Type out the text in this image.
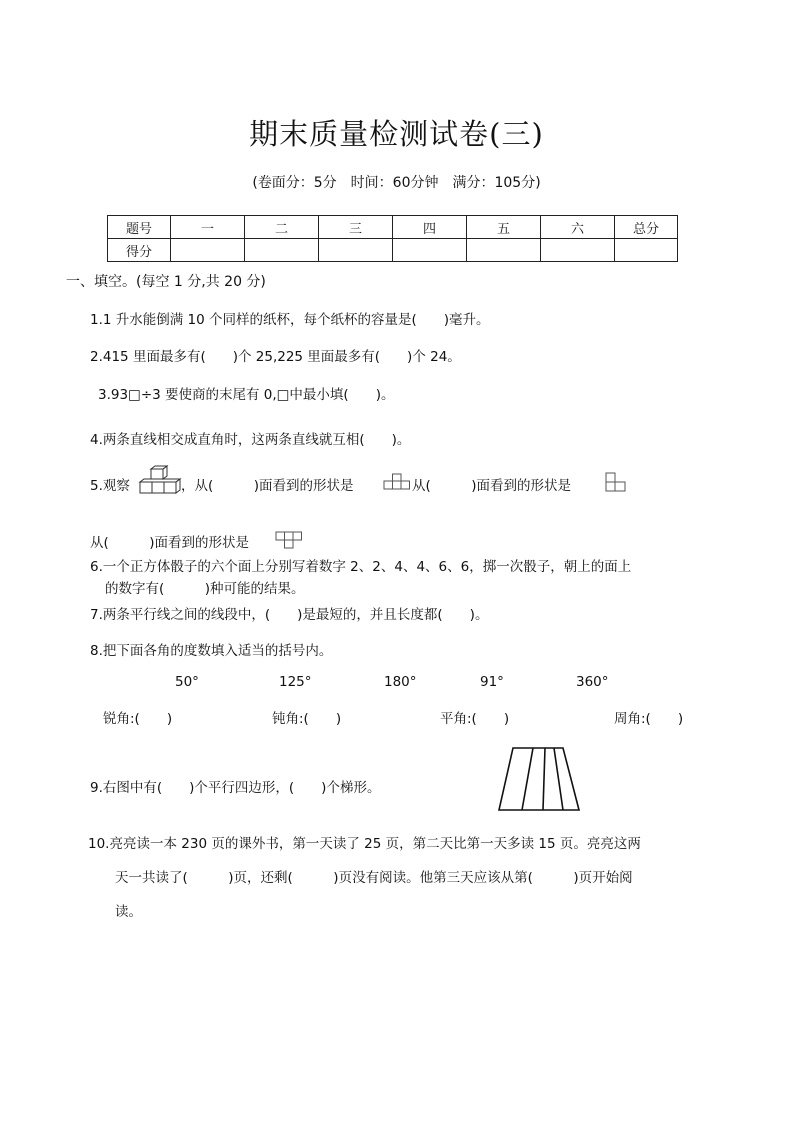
期末质量检测试卷(三)
(卷面分：5分　时间：60分钟　满分：105分)
题号	一	二	三	四	五	六	总分
得分							
一、填空。(每空 1 分,共 20 分)
1.1 升水能倒满 10 个同样的纸杯，每个纸杯的容量是(　　)毫升。
2.415 里面最多有(　　)个 25,225 里面最多有(　　)个 24。
3.93□÷3 要使商的末尾有 0,□中最小填(　　)。
4.两条直线相交成直角时，这两条直线就互相(　　)。
5.观察	，从(　　　)面看到的形状是	从(　　　)面看到的形状是
从(　　　)面看到的形状是
6.一个正方体骰子的六个面上分别写着数字 2、2、4、4、6、6，掷一次骰子，朝上的面上
的数字有(　　　)种可能的结果。
7.两条平行线之间的线段中，(　　)是最短的，并且长度都(　　)。
8.把下面各角的度数填入适当的括号内。
50°	125°	180°	91°	360°
锐角:(　　)	钝角:(　　)	平角:(　　)	周角:(　　)
9.右图中有(　　)个平行四边形，(　　)个梯形。
10.亮亮读一本 230 页的课外书，第一天读了 25 页，第二天比第一天多读 15 页。亮亮这两
天一共读了(　　　)页，还剩(　　　)页没有阅读。他第三天应该从第(　　　)页开始阅
读。
